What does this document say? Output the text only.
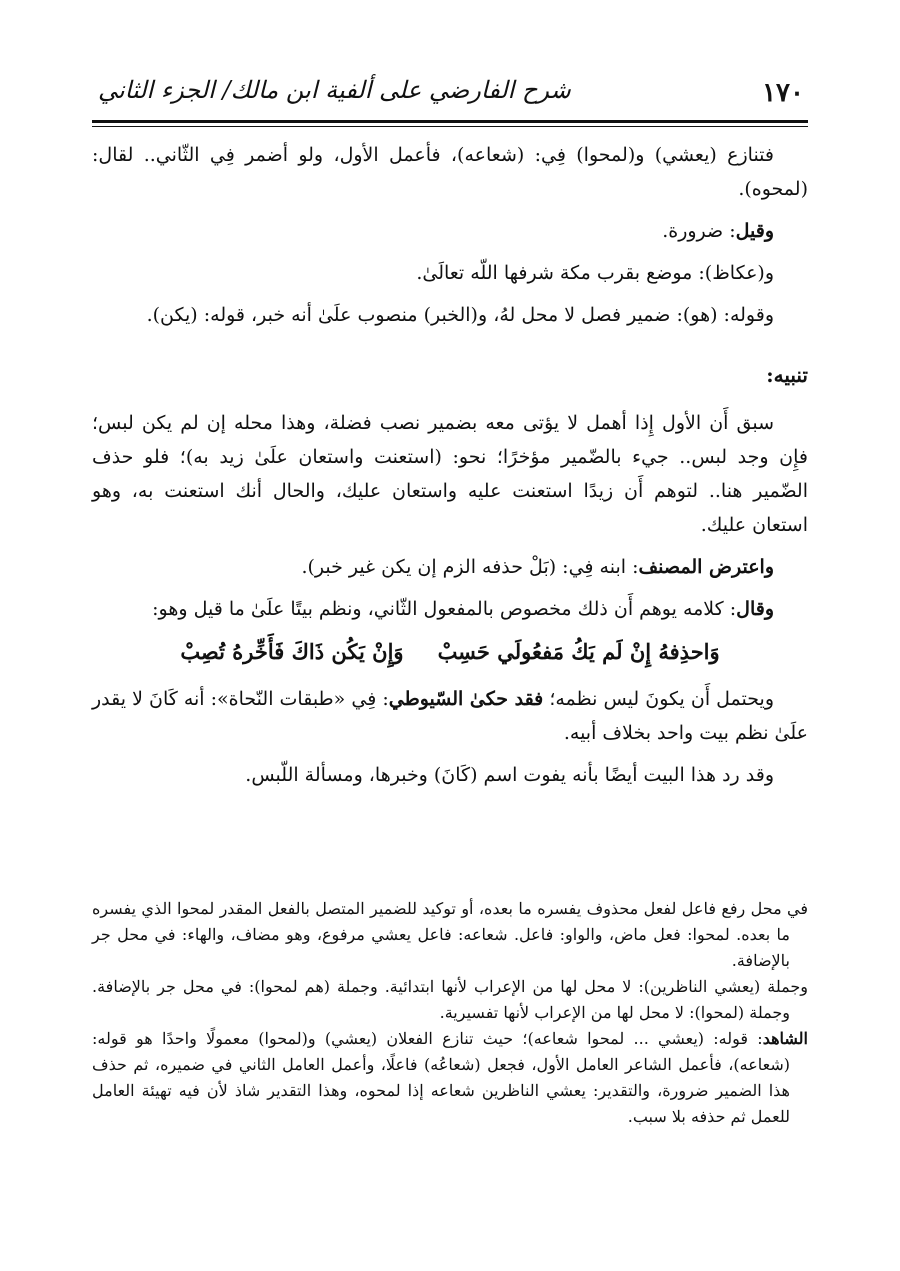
١٧٠
شرح الفارضي على ألفية ابن مالك/ الجزء الثاني

فتنازع (يعشي) و(لمحوا) فِي: (شعاعه)، فأعمل الأول، ولو أضمر فِي الثّاني.. لقال: (لمحوه).

وقيل: ضرورة.

و(عكاظ): موضع بقرب مكة شرفها اللّه تعالَىٰ.

وقوله: (هو): ضمير فصل لا محل لهُ، و(الخبر) منصوب علَىٰ أنه خبر، قوله: (يكن).

تنبيه:

سبق أَن الأول إِذا أهمل لا يؤتى معه بضمير نصب فضلة، وهذا محله إن لم يكن لبس؛ فإِن وجد لبس.. جيء بالضّمير مؤخرًا؛ نحو: (استعنت واستعان علَىٰ زيد به)؛ فلو حذف الضّمير هنا.. لتوهم أَن زيدًا استعنت عليه واستعان عليك، والحال أنك استعنت به، وهو استعان عليك.

واعترض المصنف: ابنه فِي: (بَلْ حذفه الزم إن يكن غير خبر).

وقال: كلامه يوهم أَن ذلك مخصوص بالمفعول الثّاني، ونظم بيتًا علَىٰ ما قيل وهو:

وَاحذِفهُ إِنْ لَم يَكُ مَفعُولَي حَسِبْوَإِنْ يَكُن ذَاكَ فَأَخِّرهُ تُصِبْ

ويحتمل أَن يكونَ ليس نظمه؛ فقد حكىٰ السّيوطي: فِي «طبقات النّحاة»: أنه كَانَ لا يقدر علَىٰ نظم بيت واحد بخلاف أبيه.

وقد رد هذا البيت أيضًا بأنه يفوت اسم (كَانَ) وخبرها، ومسألة اللّبس.

في محل رفع فاعل لفعل محذوف يفسره ما بعده، أو توكيد للضمير المتصل بالفعل المقدر لمحوا الذي يفسره ما بعده. لمحوا: فعل ماض، والواو: فاعل. شعاعه: فاعل يعشي مرفوع، وهو مضاف، والهاء: في محل جر بالإضافة.

وجملة (يعشي الناظرين): لا محل لها من الإعراب لأنها ابتدائية. وجملة (هم لمحوا): في محل جر بالإضافة. وجملة (لمحوا): لا محل لها من الإعراب لأنها تفسيرية.

الشاهد: قوله: (يعشي ... لمحوا شعاعه)؛ حيث تنازع الفعلان (يعشي) و(لمحوا) معمولًا واحدًا هو قوله: (شعاعه)، فأعمل الشاعر العامل الأول، فجعل (شعاعُه) فاعلًا، وأعمل العامل الثاني في ضميره، ثم حذف هذا الضمير ضرورة، والتقدير: يعشي الناظرين شعاعه إذا لمحوه، وهذا التقدير شاذ لأن فيه تهيئة العامل للعمل ثم حذفه بلا سبب.
